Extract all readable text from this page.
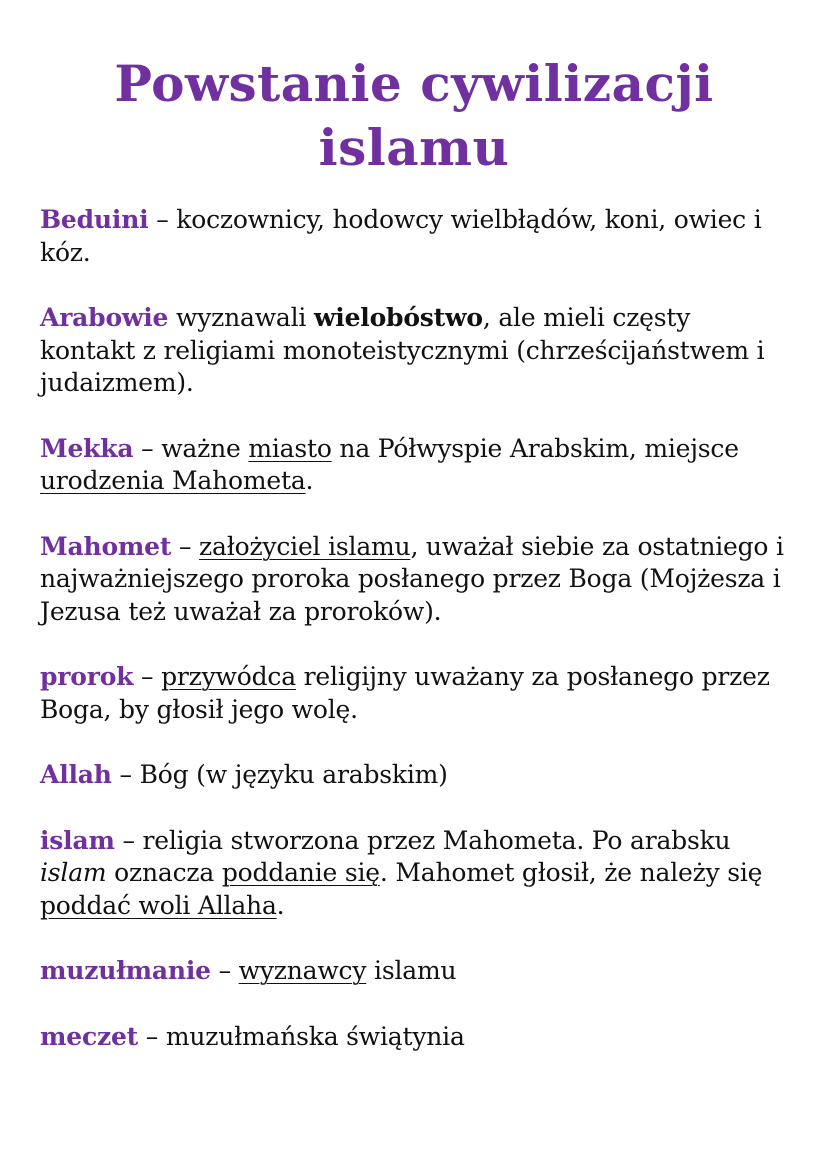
Powstanie cywilizacji
islamu

Beduini – koczownicy, hodowcy wielbłądów, koni, owiec i kóz.

Arabowie wyznawali wielobóstwo, ale mieli częsty kontakt z religiami monoteistycznymi (chrześcijaństwem i judaizmem).

Mekka – ważne miasto na Półwyspie Arabskim, miejsce urodzenia Mahometa.

Mahomet – założyciel islamu, uważał siebie za ostatniego i najważniejszego proroka posłanego przez Boga (Mojżesza i Jezusa też uważał za proroków).

prorok – przywódca religijny uważany za posłanego przez Boga, by głosił jego wolę.

Allah – Bóg (w języku arabskim)

islam – religia stworzona przez Mahometa. Po arabsku islam oznacza poddanie się. Mahomet głosił, że należy się poddać woli Allaha.

muzułmanie – wyznawcy islamu

meczet – muzułmańska świątynia
